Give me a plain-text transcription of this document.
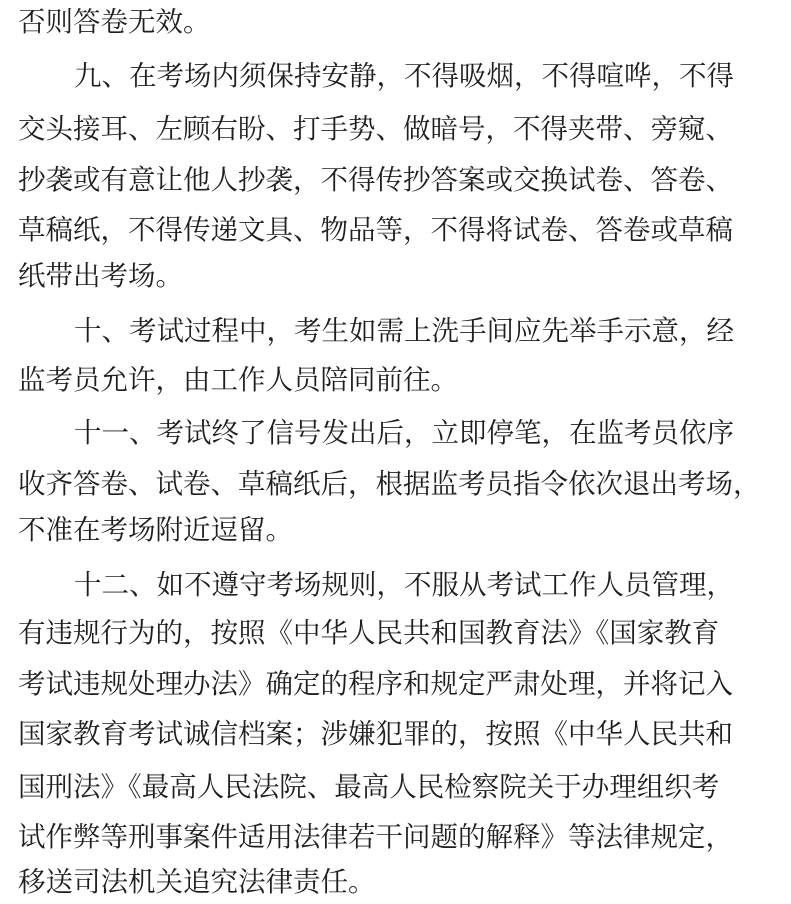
否则答卷无效。
九、在考场内须保持安静，不得吸烟，不得喧哗，不得
交头接耳、左顾右盼、打手势、做暗号，不得夹带、旁窥、
抄袭或有意让他人抄袭，不得传抄答案或交换试卷、答卷、
草稿纸，不得传递文具、物品等，不得将试卷、答卷或草稿
纸带出考场。
十、考试过程中，考生如需上洗手间应先举手示意，经
监考员允许，由工作人员陪同前往。
十一、考试终了信号发出后，立即停笔，在监考员依序
收齐答卷、试卷、草稿纸后，根据监考员指令依次退出考场，
不准在考场附近逗留。
十二、如不遵守考场规则，不服从考试工作人员管理，
有违规行为的，按照《中华人民共和国教育法》《国家教育
考试违规处理办法》确定的程序和规定严肃处理，并将记入
国家教育考试诚信档案；涉嫌犯罪的，按照《中华人民共和
国刑法》《最高人民法院、最高人民检察院关于办理组织考
试作弊等刑事案件适用法律若干问题的解释》等法律规定，
移送司法机关追究法律责任。
